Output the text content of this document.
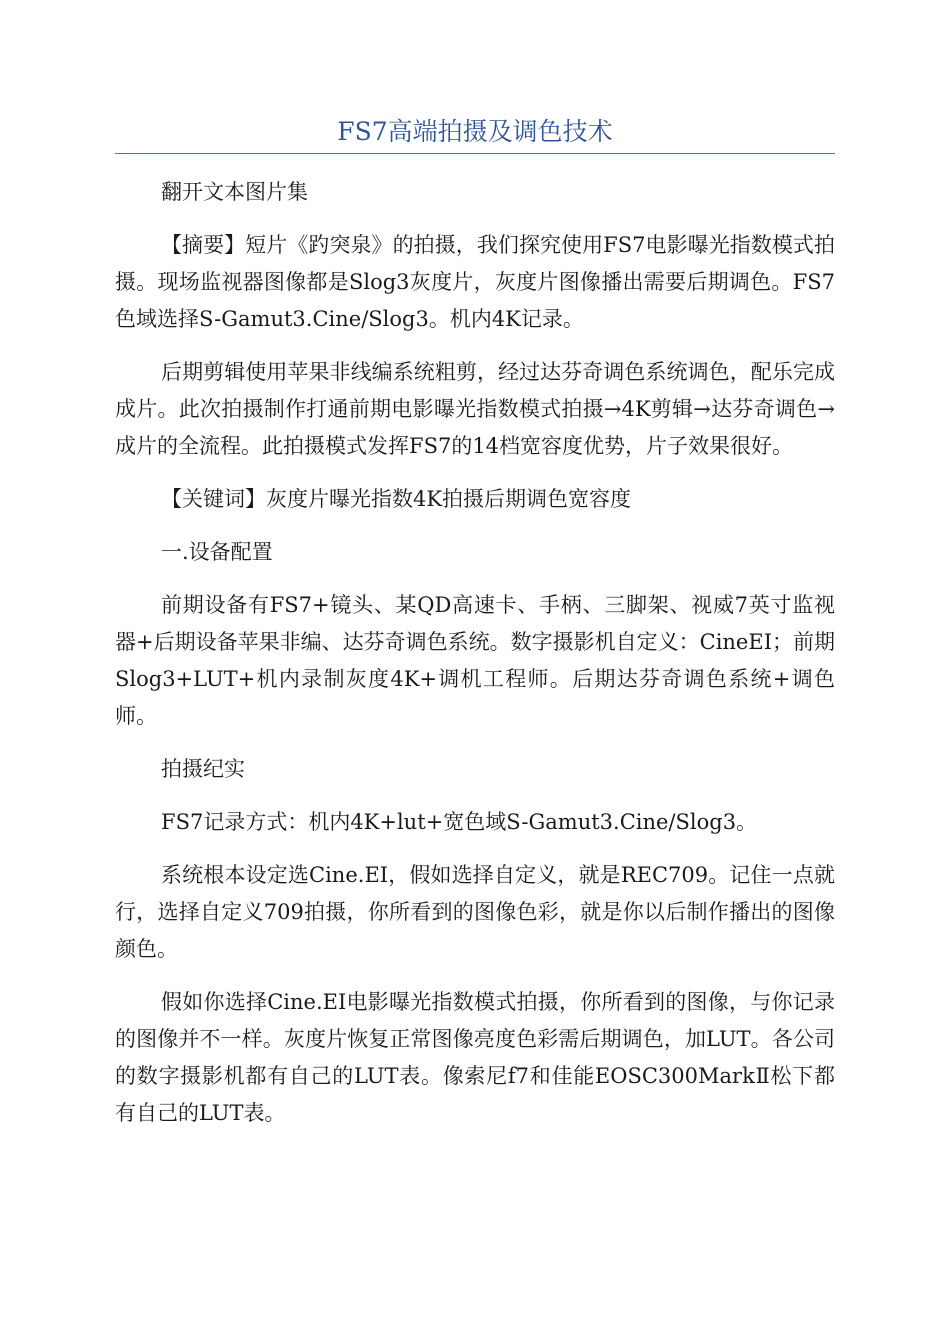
FS7高端拍摄及调色技术

翻开文本图片集

【摘要】短片《趵突泉》的拍摄，我们探究使用FS7电影曝光指数模式拍摄。现场监视器图像都是Slog3灰度片，灰度片图像播出需要后期调色。FS7色域选择S-Gamut3.Cine/Slog3。机内4K记录。

后期剪辑使用苹果非线编系统粗剪，经过达芬奇调色系统调色，配乐完成成片。此次拍摄制作打通前期电影曝光指数模式拍摄→4K剪辑→达芬奇调色→成片的全流程。此拍摄模式发挥FS7的14档宽容度优势，片子效果很好。

【关键词】灰度片曝光指数4K拍摄后期调色宽容度

一.设备配置

前期设备有FS7+镜头、某QD高速卡、手柄、三脚架、视威7英寸监视器+后期设备苹果非编、达芬奇调色系统。数字摄影机自定义：CineEI；前期Slog3+LUT+机内录制灰度4K+调机工程师。后期达芬奇调色系统+调色师。

拍摄纪实

FS7记录方式：机内4K+lut+宽色域S-Gamut3.Cine/Slog3。

系统根本设定选Cine.EI，假如选择自定义，就是REC709。记住一点就行，选择自定义709拍摄，你所看到的图像色彩，就是你以后制作播出的图像颜色。

假如你选择Cine.EI电影曝光指数模式拍摄，你所看到的图像，与你记录的图像并不一样。灰度片恢复正常图像亮度色彩需后期调色，加LUT。各公司的数字摄影机都有自己的LUT表。像索尼f7和佳能EOSC300MarkⅡ松下都有自己的LUT表。
